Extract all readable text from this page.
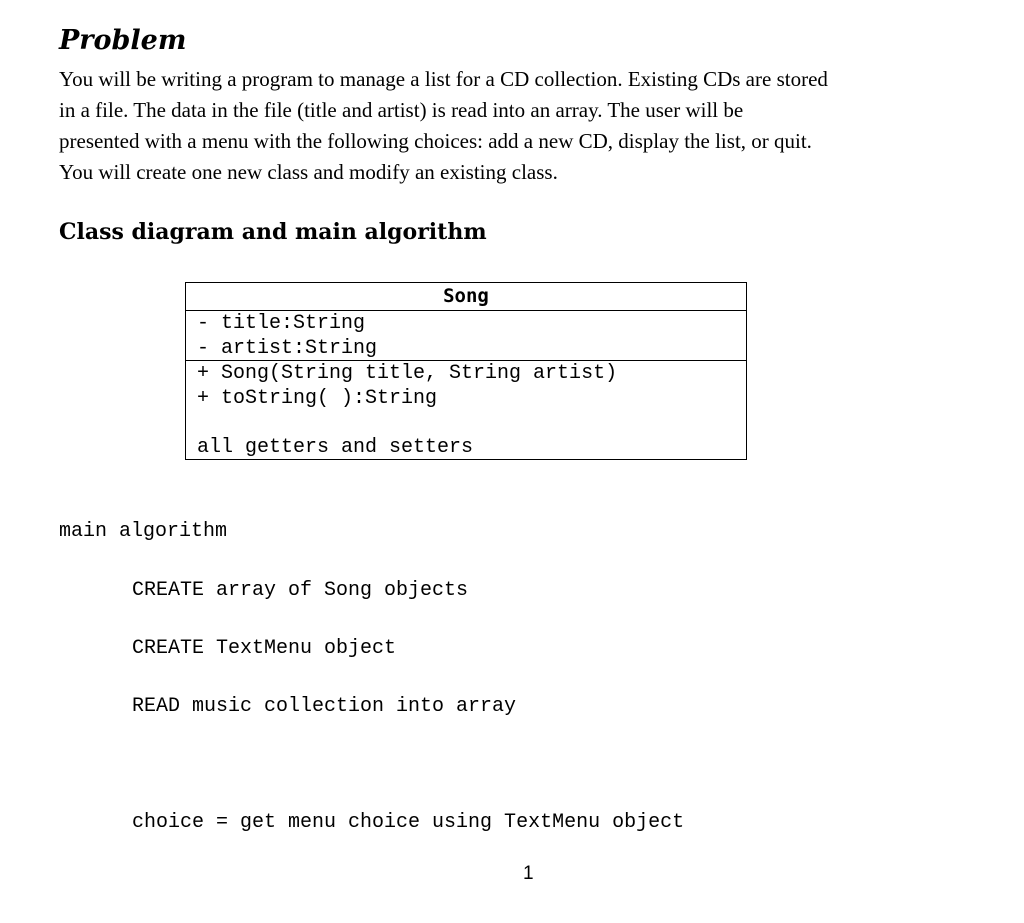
Problem

You will be writing a program to manage a list for a CD collection. Existing CDs are stored
in a file. The data in the file (title and artist) is read into an array. The user will be
presented with a menu with the following choices: add a new CD, display the list, or quit.
You will create one new class and modify an existing class.

Class diagram and main algorithm
Song
- title:String
- artist:String
+ Song(String title, String artist)
+ toString( ):String
all getters and setters
main algorithm
CREATE array of Song objects
CREATE TextMenu object
READ music collection into array
choice = get menu choice using TextMenu object
1
